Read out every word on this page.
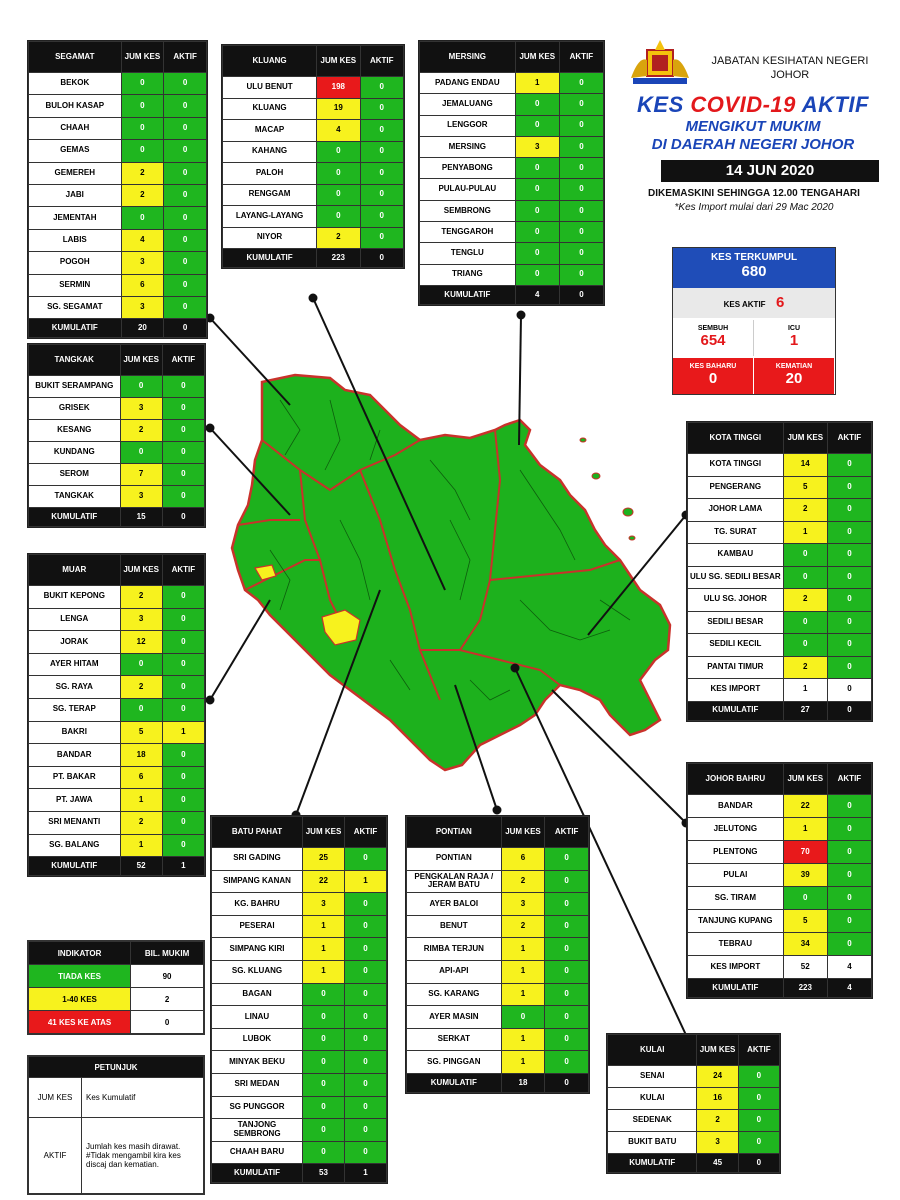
JABATAN KESIHATAN NEGERI JOHOR
KES COVID-19 AKTIF
MENGIKUT MUKIM
DI DAERAH NEGERI JOHOR
14 JUN 2020
DIKEMASKINI SEHINGGA 12.00 TENGAHARI
*Kes Import mulai dari 29 Mac 2020
KES TERKUMPUL
680
KES AKTIF 6
SEMBUH
654
ICU
1
KES BAHARU
0
KEMATIAN
20
SEGAMAT	JUM KES	AKTIF
BEKOK	0	0
BULOH KASAP	0	0
CHAAH	0	0
GEMAS	0	0
GEMEREH	2	0
JABI	2	0
JEMENTAH	0	0
LABIS	4	0
POGOH	3	0
SERMIN	6	0
SG. SEGAMAT	3	0
KUMULATIF	20	0
KLUANG	JUM KES	AKTIF
ULU BENUT	198	0
KLUANG	19	0
MACAP	4	0
KAHANG	0	0
PALOH	0	0
RENGGAM	0	0
LAYANG-LAYANG	0	0
NIYOR	2	0
KUMULATIF	223	0
MERSING	JUM KES	AKTIF
PADANG ENDAU	1	0
JEMALUANG	0	0
LENGGOR	0	0
MERSING	3	0
PENYABONG	0	0
PULAU-PULAU	0	0
SEMBRONG	0	0
TENGGAROH	0	0
TENGLU	0	0
TRIANG	0	0
KUMULATIF	4	0
TANGKAK	JUM KES	AKTIF
BUKIT SERAMPANG	0	0
GRISEK	3	0
KESANG	2	0
KUNDANG	0	0
SEROM	7	0
TANGKAK	3	0
KUMULATIF	15	0
MUAR	JUM KES	AKTIF
BUKIT KEPONG	2	0
LENGA	3	0
JORAK	12	0
AYER HITAM	0	0
SG. RAYA	2	0
SG. TERAP	0	0
BAKRI	5	1
BANDAR	18	0
PT. BAKAR	6	0
PT. JAWA	1	0
SRI MENANTI	2	0
SG. BALANG	1	0
KUMULATIF	52	1
KOTA TINGGI	JUM KES	AKTIF
KOTA TINGGI	14	0
PENGERANG	5	0
JOHOR LAMA	2	0
TG. SURAT	1	0
KAMBAU	0	0
ULU SG. SEDILI BESAR	0	0
ULU SG. JOHOR	2	0
SEDILI BESAR	0	0
SEDILI KECIL	0	0
PANTAI TIMUR	2	0
KES IMPORT	1	0
KUMULATIF	27	0
JOHOR BAHRU	JUM KES	AKTIF
BANDAR	22	0
JELUTONG	1	0
PLENTONG	70	0
PULAI	39	0
SG. TIRAM	0	0
TANJUNG KUPANG	5	0
TEBRAU	34	0
KES IMPORT	52	4
KUMULATIF	223	4
BATU PAHAT	JUM KES	AKTIF
SRI GADING	25	0
SIMPANG KANAN	22	1
KG. BAHRU	3	0
PESERAI	1	0
SIMPANG KIRI	1	0
SG. KLUANG	1	0
BAGAN	0	0
LINAU	0	0
LUBOK	0	0
MINYAK BEKU	0	0
SRI MEDAN	0	0
SG PUNGGOR	0	0
TANJONG SEMBRONG	0	0
CHAAH BARU	0	0
KUMULATIF	53	1
PONTIAN	JUM KES	AKTIF
PONTIAN	6	0
PENGKALAN RAJA / JERAM BATU	2	0
AYER BALOI	3	0
BENUT	2	0
RIMBA TERJUN	1	0
API-API	1	0
SG. KARANG	1	0
AYER MASIN	0	0
SERKAT	1	0
SG. PINGGAN	1	0
KUMULATIF	18	0
KULAI	JUM KES	AKTIF
SENAI	24	0
KULAI	16	0
SEDENAK	2	0
BUKIT BATU	3	0
KUMULATIF	45	0
INDIKATOR	BIL. MUKIM
TIADA KES	90
1-40 KES	2
41 KES KE ATAS	0
PETUNJUK	
JUM KES	Kes Kumulatif
AKTIF	Jumlah kes masih dirawat. #Tidak mengambil kira kes discaj dan kematian.
